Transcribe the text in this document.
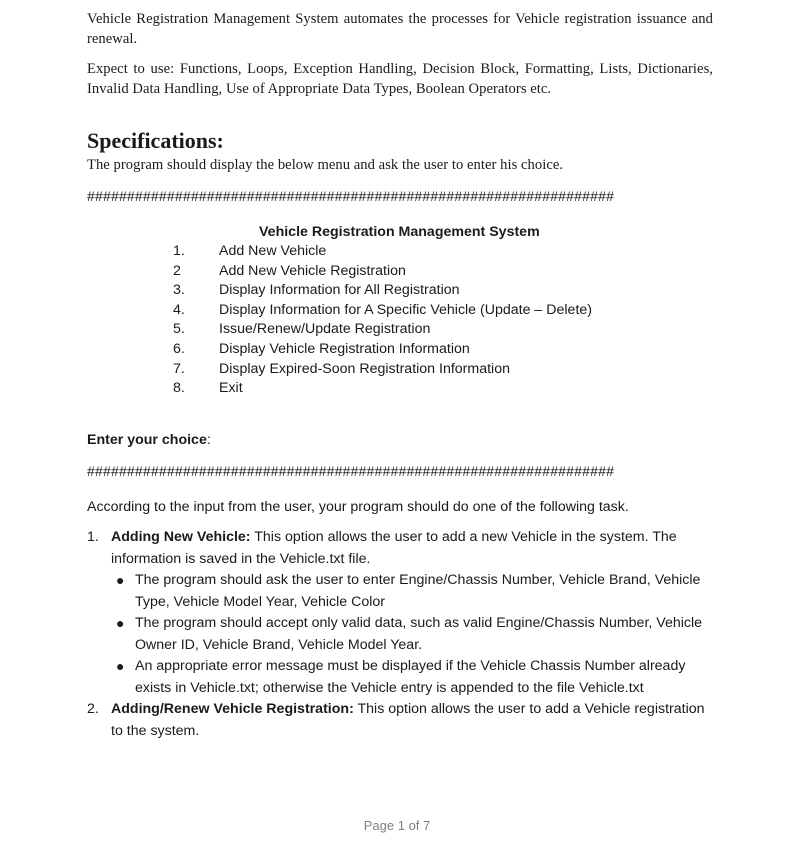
Vehicle Registration Management System automates the processes for Vehicle registration issuance and renewal.

Expect to use: Functions, Loops, Exception Handling, Decision Block, Formatting, Lists, Dictionaries, Invalid Data Handling, Use of Appropriate Data Types, Boolean Operators etc.

Specifications:

The program should display the below menu and ask the user to enter his choice.

##################################################################
Vehicle Registration Management System
1.	Add New Vehicle
2	Add New Vehicle Registration
3.	Display Information for All Registration
4.	Display Information for A Specific Vehicle (Update – Delete)
5.	Issue/Renew/Update Registration
6.	Display Vehicle Registration Information
7.	Display Expired-Soon Registration Information
8.	Exit
Enter your choice:
##################################################################

According to the input from the user, your program should do one of the following task.

1. Adding New Vehicle: This option allows the user to add a new Vehicle in the system. The information is saved in the Vehicle.txt file.
● The program should ask the user to enter Engine/Chassis Number, Vehicle Brand, Vehicle Type, Vehicle Model Year, Vehicle Color
● The program should accept only valid data, such as valid Engine/Chassis Number, Vehicle Owner ID, Vehicle Brand, Vehicle Model Year.
● An appropriate error message must be displayed if the Vehicle Chassis Number already exists in Vehicle.txt; otherwise the Vehicle entry is appended to the file Vehicle.txt
2. Adding/Renew Vehicle Registration: This option allows the user to add a Vehicle registration to the system.
Page 1 of 7
